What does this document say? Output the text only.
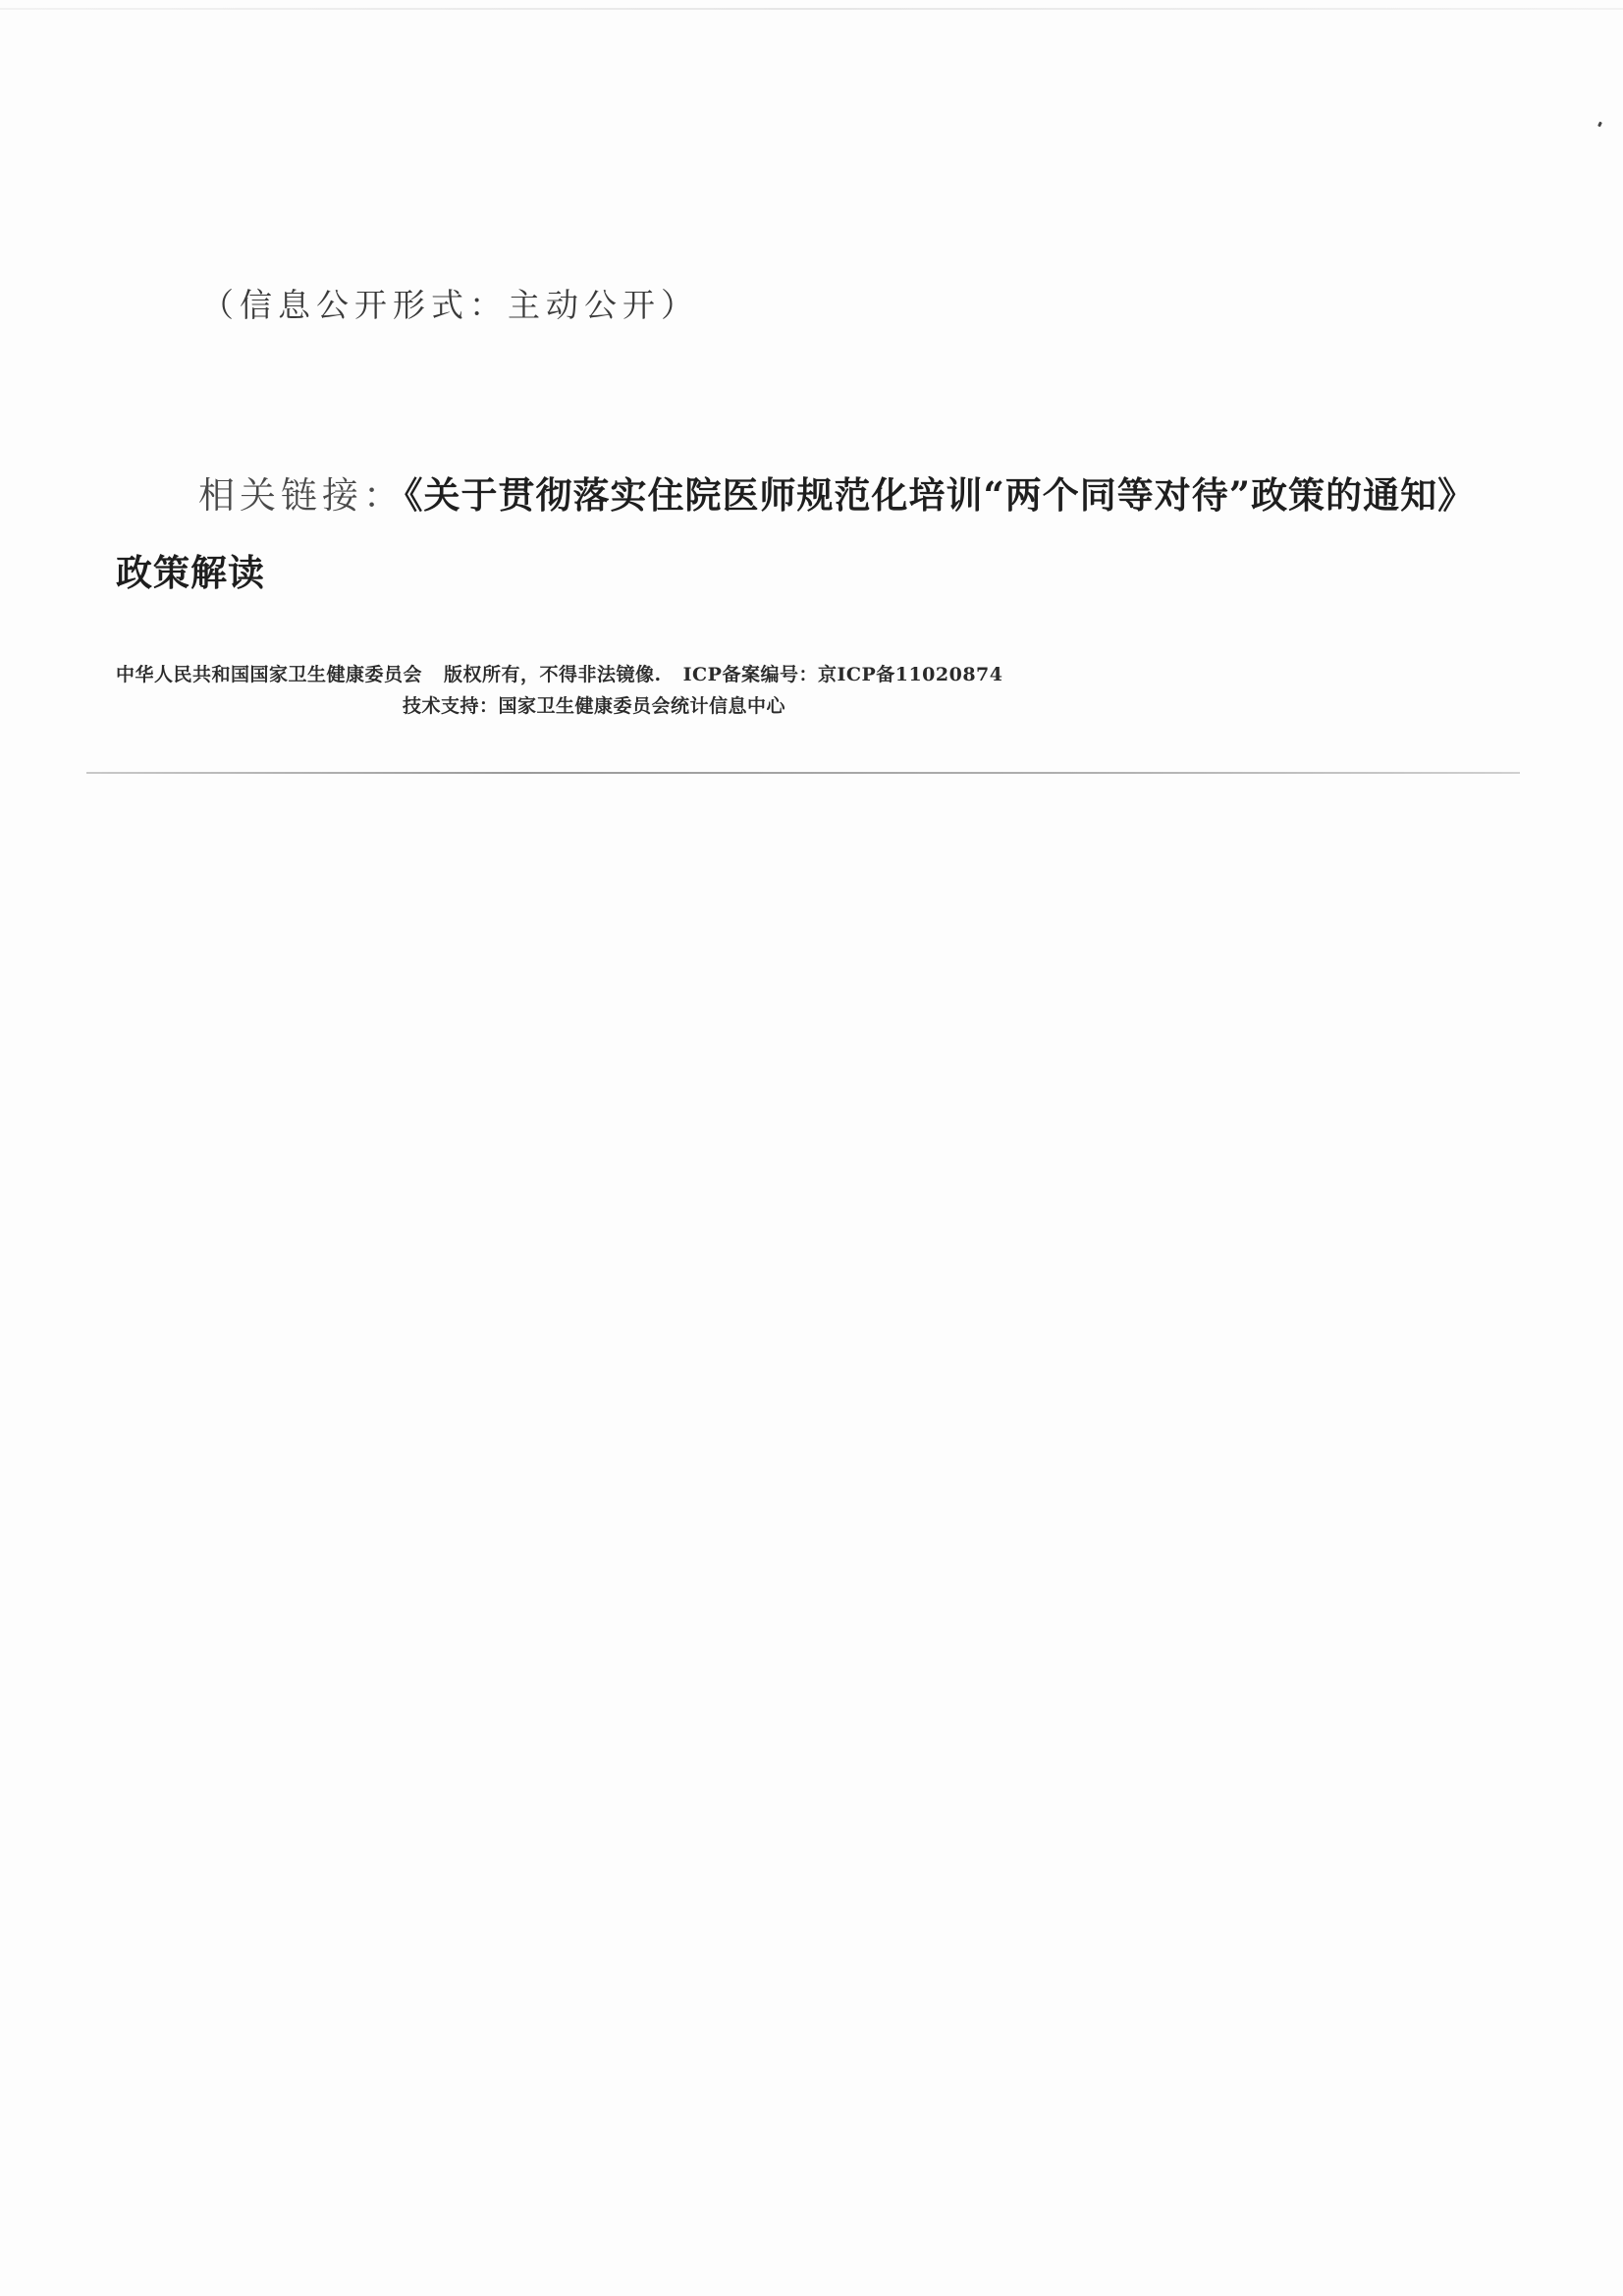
（信息公开形式：主动公开）
相关链接：《关于贯彻落实住院医师规范化培训“两个同等对待”政策的通知》政策解读
中华人民共和国国家卫生健康委员会 版权所有，不得非法镜像. ICP备案编号：京ICP备11020874
技术支持：国家卫生健康委员会统计信息中心
